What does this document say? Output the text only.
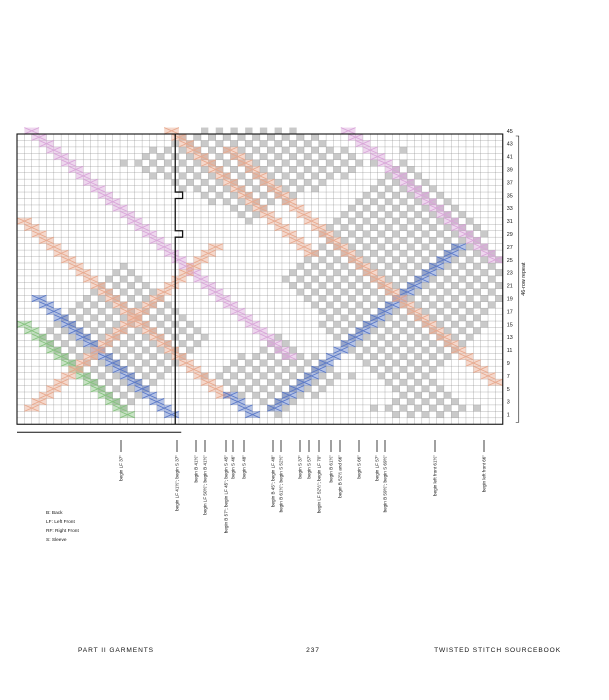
45
43
41
39
37
35
33
31
29
27
25
23
21
19
17
15
13
11
9
7
5
3
1
46-row repeat
begin LF 37"	begin LF 41½"; begin S 37"	begin B 41½" begin LF 50½"; begin B 41½"	begin B 57"; begin LF 45"; begin S 45" begin S 46" begin S 48"	begin B 45"; begin LF 48" begin B 61½"; begin S 52½"	begin S 37" begin S 57" begin LF 52½"; begin LF 70" begin B 61½" begin B 52½ and 66"	begin S 66"	begin LF 57" begin B 59½"; begin S 69½"	begin left front 61½"	begin left front 66"
B: Back
LF: Left Front
RF: Right Front
S: Sleeve
PART II GARMENTS	237	TWISTED STITCH SOURCEBOOK
